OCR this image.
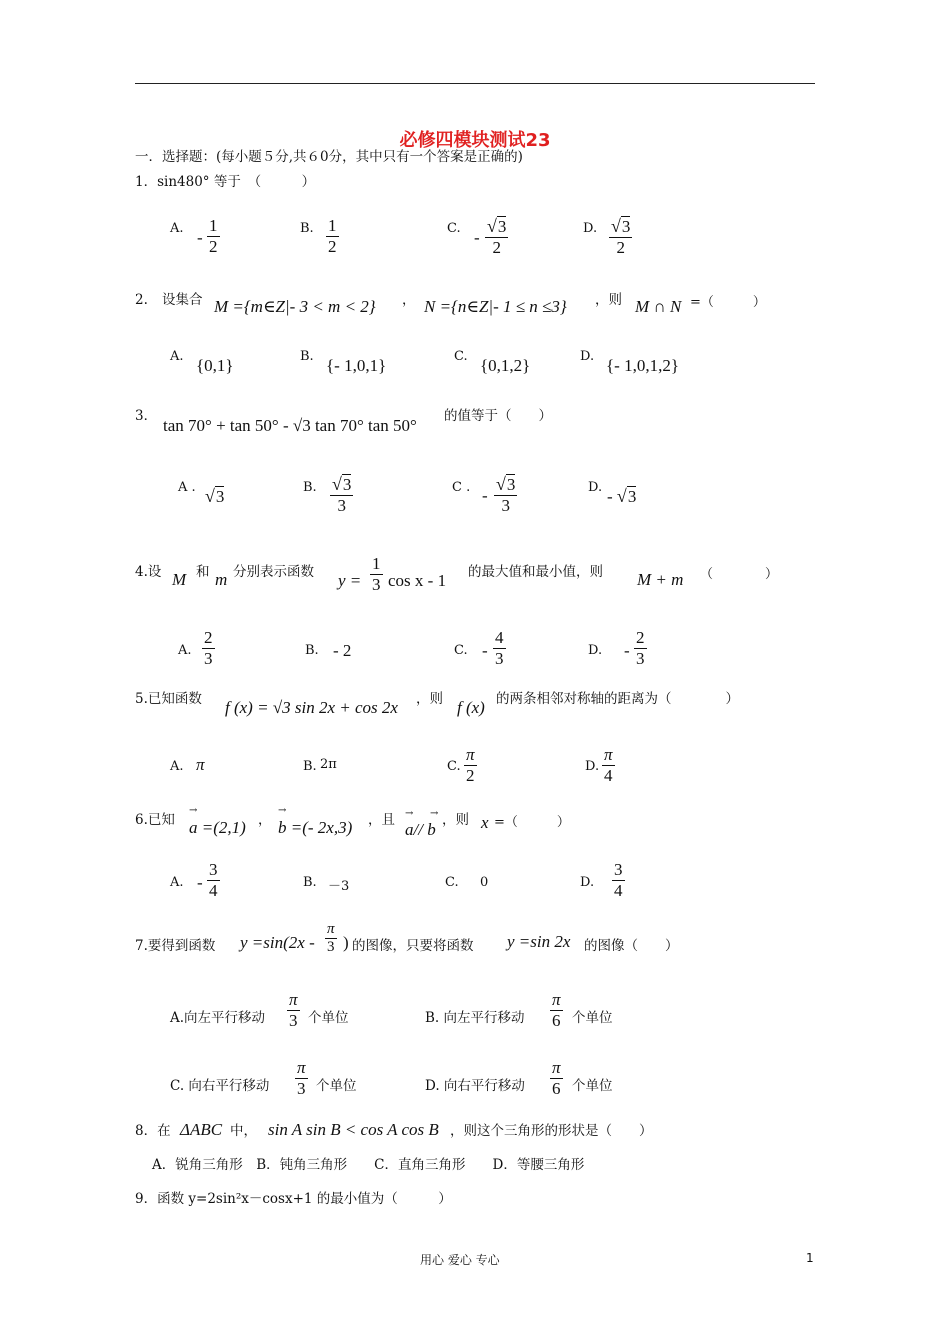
必修四模块测试23
一．选择题：(每小题５分,共６0分，其中只有一个答案是正确的)
1．sin480° 等于　（　　　）
A. - $\frac{1}{2}$	B. $\frac{1}{2}$	C. - $\frac{√3}{2}$	D. $\frac{√3}{2}$
2. 设集合 M ={m∈Z|- 3 < m < 2} ， N ={n∈Z|- 1 ≤ n ≤3} ，则 M ∩ N =（　　　）
A. {0,1}	B. {- 1,0,1}	C. {0,1,2}	D. {- 1,0,1,2}
3． tan 70° + tan 50° - √3 tan 70° tan 50° 的值等于（　　）
A . √3	B. $\frac{√3}{3}$	C . - $\frac{√3}{3}$	D. - √3
4.设 M 和 m 分别表示函数 $y = \frac{1}{3}$ cos x - 1 的最大值和最小值，则 M + m （　　　　）
A. $\frac{2}{3}$	B. - 2	C. - $\frac{4}{3}$	D. - $\frac{2}{3}$
5.已知函数 f (x) = √3 sin 2x + cos 2x ，则 f (x) 的两条相邻对称轴的距离为（　　　　）
A. π	B. 2π	C. $\frac{\pi}{2}$	D. $\frac{\pi}{4}$
6.已知
→
a =(2,1) ，
→
b =(- 2x,3) ，且 → →
a// b ，则 x =（　　　）
A. - $\frac{3}{4}$	B. －3	C. 0	D. $\frac{3}{4}$
7.要得到函数 $y =\sin(2x - \frac{\pi}{3}$ ) 的图像，只要将函数 y =sin 2x 的图像（　　）
A.向左平行移动 $\frac{\pi}{3}$ 个单位	B. 向左平行移动 $\frac{\pi}{6}$ 个单位
C. 向右平行移动 $\frac{\pi}{3}$ 个单位	D. 向右平行移动 $\frac{\pi}{6}$ 个单位
8．在 ΔABC 中， sin A sin B < cos A cos B ，则这个三角形的形状是（　　）
A．锐角三角形　B．钝角三角形　　C．直角三角形　　D．等腰三角形
9．函数 y=2sin²x－cosx+1 的最小值为（　　　）
用心 爱心 专心	1
